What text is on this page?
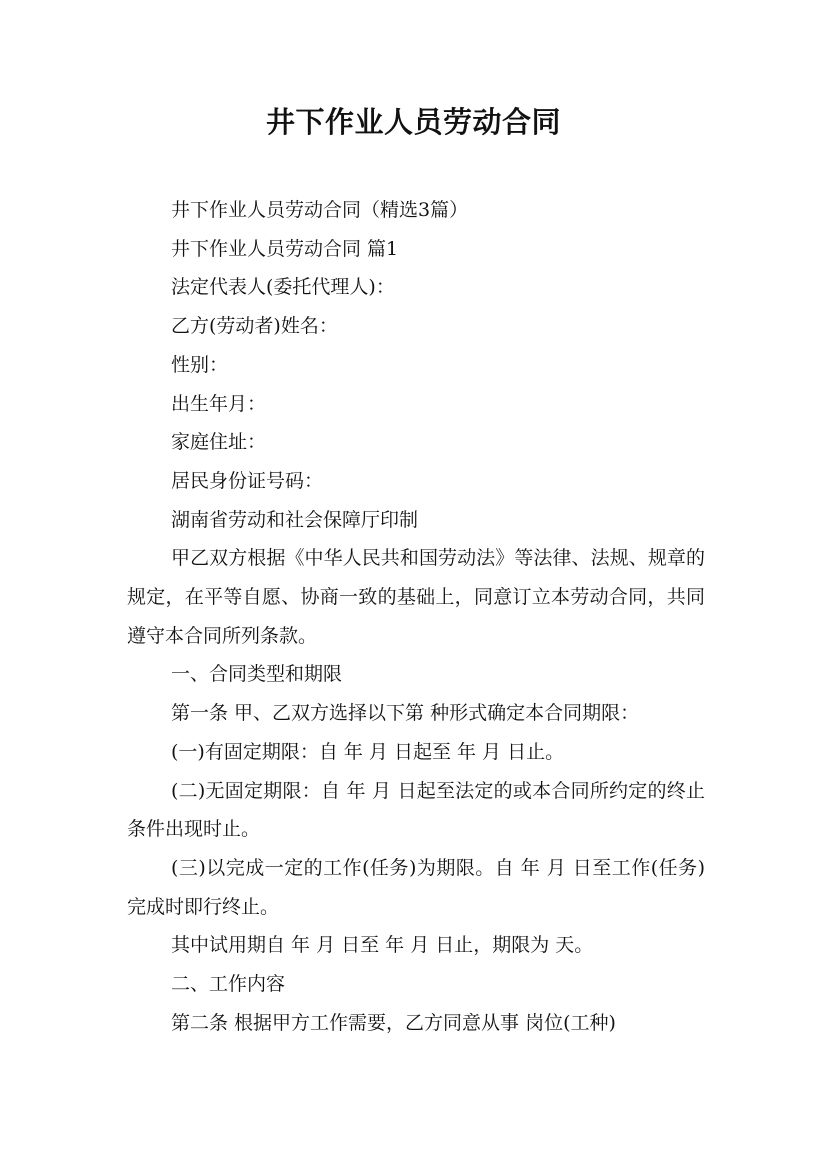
井下作业人员劳动合同

井下作业人员劳动合同（精选3篇）

井下作业人员劳动合同 篇1

法定代表人(委托代理人)：

乙方(劳动者)姓名：

性别：

出生年月：

家庭住址：

居民身份证号码：

湖南省劳动和社会保障厅印制

甲乙双方根据《中华人民共和国劳动法》等法律、法规、规章的规定，在平等自愿、协商一致的基础上，同意订立本劳动合同，共同遵守本合同所列条款。

一、合同类型和期限

第一条 甲、乙双方选择以下第 种形式确定本合同期限：

(一)有固定期限：自 年 月 日起至 年 月 日止。

(二)无固定期限：自 年 月 日起至法定的或本合同所约定的终止条件出现时止。

(三)以完成一定的工作(任务)为期限。自 年 月 日至工作(任务)完成时即行终止。

其中试用期自 年 月 日至 年 月 日止，期限为 天。

二、工作内容

第二条 根据甲方工作需要，乙方同意从事 岗位(工种)
